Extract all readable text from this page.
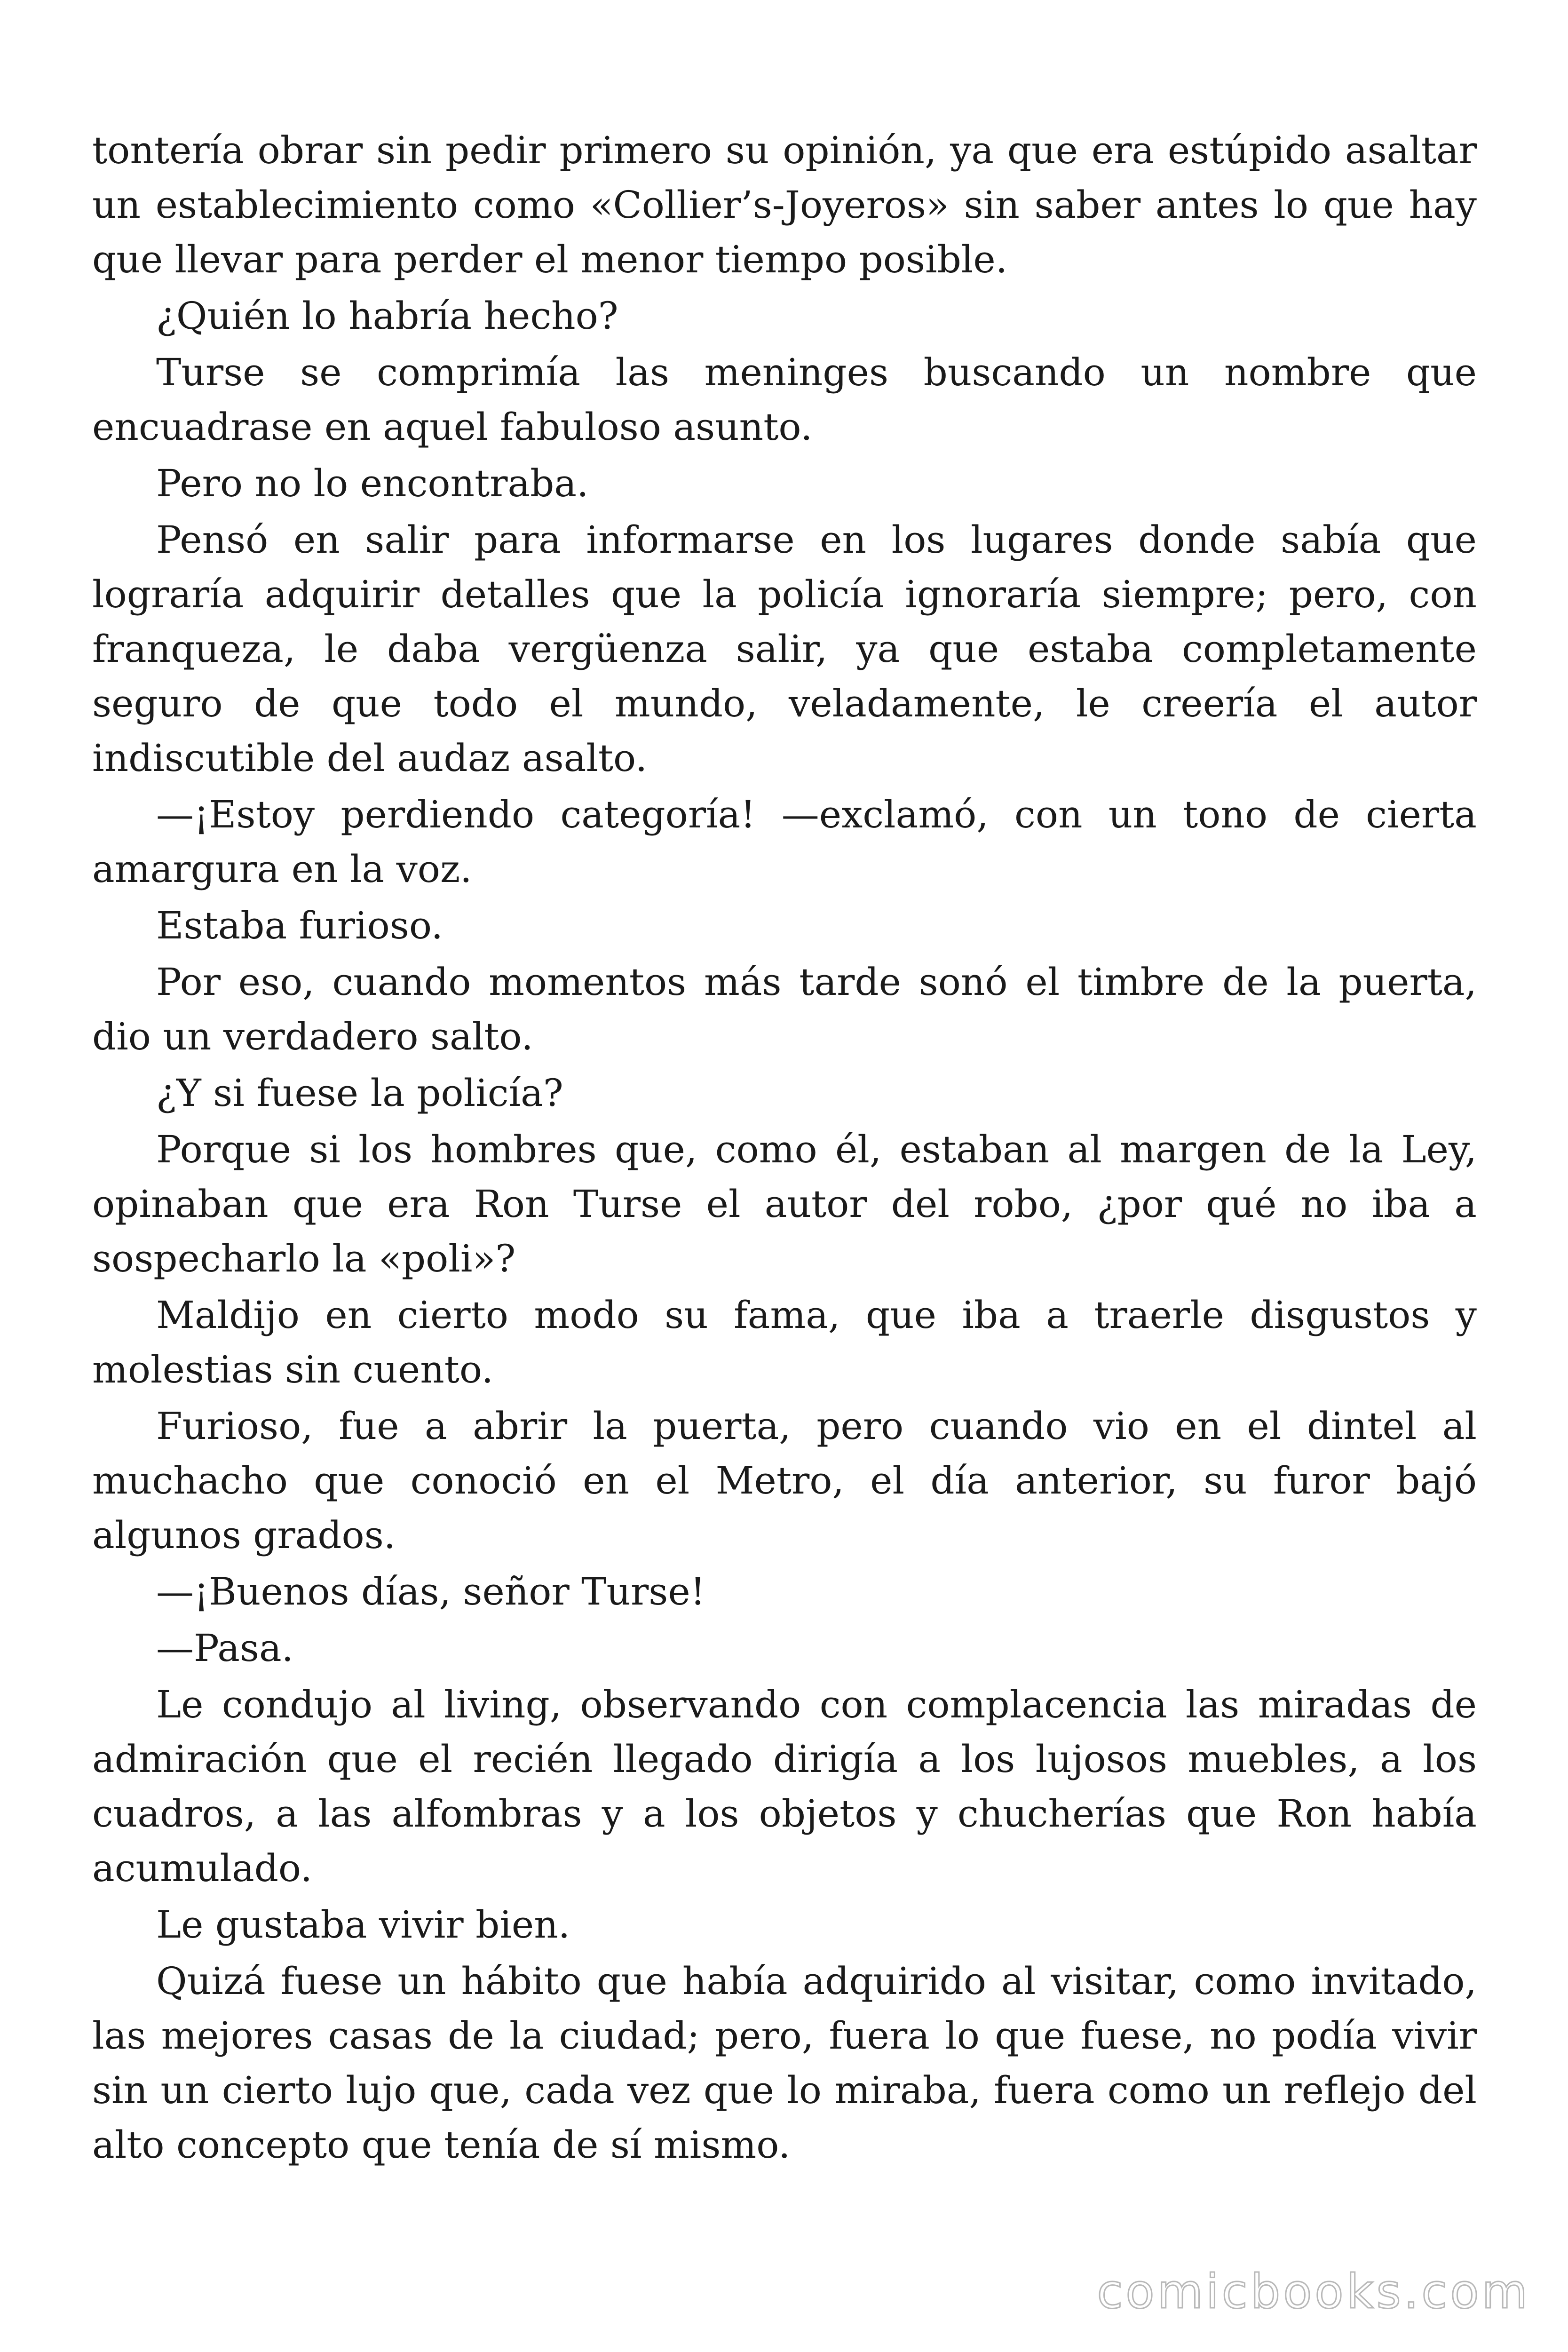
tontería obrar sin pedir primero su opinión, ya que era estúpido asaltar un establecimiento como «Collier’s-Joyeros» sin saber antes lo que hay que llevar para perder el menor tiempo posible.

¿Quién lo habría hecho?

Turse se comprimía las meninges buscando un nombre que encuadrase en aquel fabuloso asunto.

Pero no lo encontraba.

Pensó en salir para informarse en los lugares donde sabía que lograría adquirir detalles que la policía ignoraría siempre; pero, con franqueza, le daba vergüenza salir, ya que estaba completamente seguro de que todo el mundo, veladamente, le creería el autor indiscutible del audaz asalto.

—¡Estoy perdiendo categoría! —exclamó, con un tono de cierta amargura en la voz.

Estaba furioso.

Por eso, cuando momentos más tarde sonó el timbre de la puerta, dio un verdadero salto.

¿Y si fuese la policía?

Porque si los hombres que, como él, estaban al margen de la Ley, opinaban que era Ron Turse el autor del robo, ¿por qué no iba a sospecharlo la «poli»?

Maldijo en cierto modo su fama, que iba a traerle disgustos y molestias sin cuento.

Furioso, fue a abrir la puerta, pero cuando vio en el dintel al muchacho que conoció en el Metro, el día anterior, su furor bajó algunos grados.

—¡Buenos días, señor Turse!

—Pasa.

Le condujo al living, observando con complacencia las miradas de admiración que el recién llegado dirigía a los lujosos muebles, a los cuadros, a las alfombras y a los objetos y chucherías que Ron había acumulado.

Le gustaba vivir bien.

Quizá fuese un hábito que había adquirido al visitar, como invitado, las mejores casas de la ciudad; pero, fuera lo que fuese, no podía vivir sin un cierto lujo que, cada vez que lo miraba, fuera como un reflejo del alto concepto que tenía de sí mismo.

comicbooks.com
